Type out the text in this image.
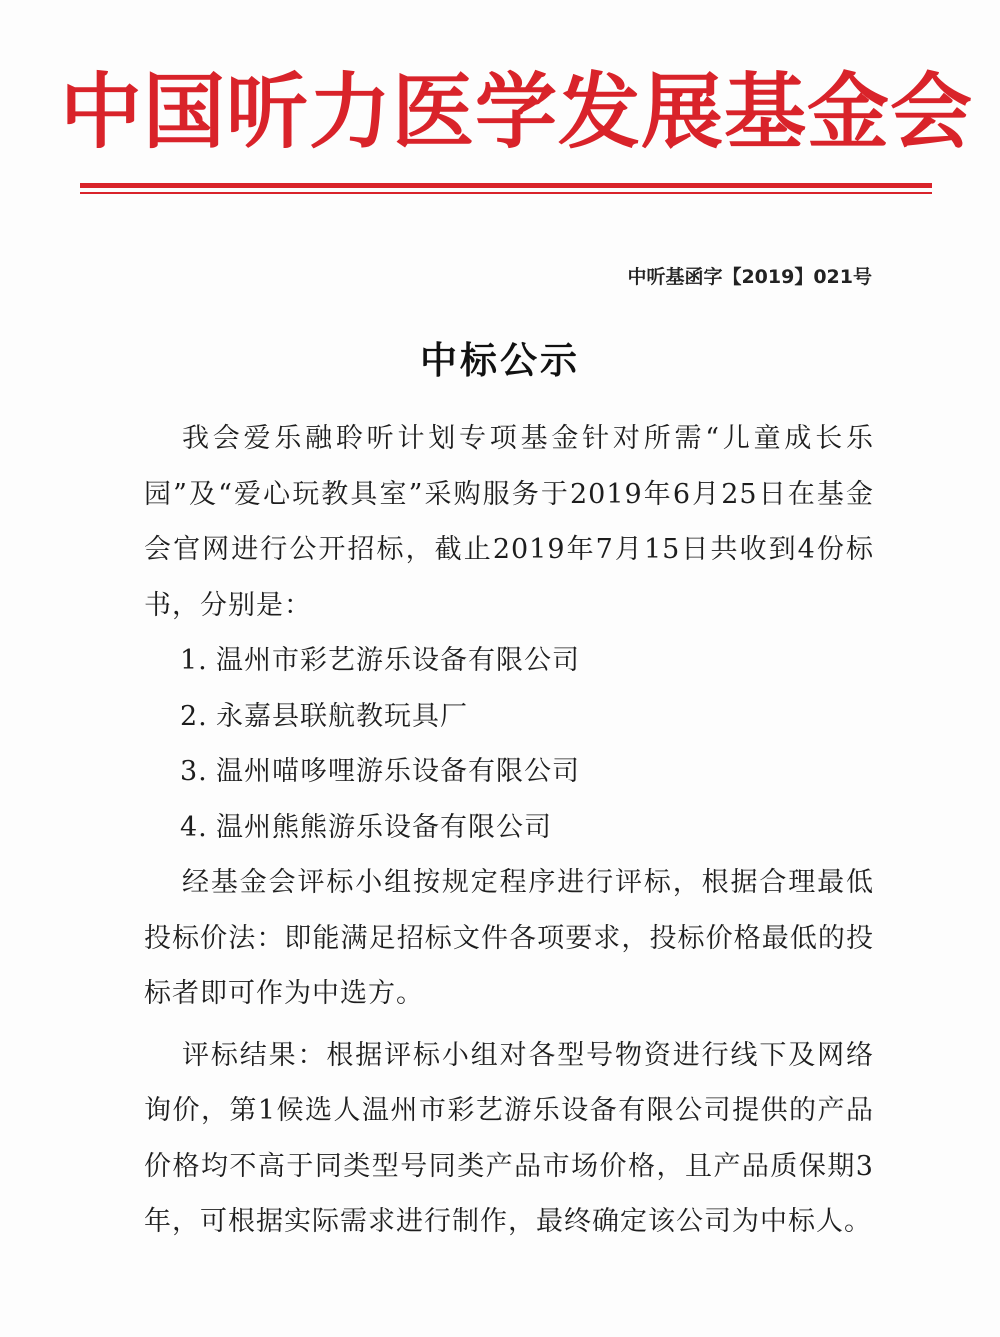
中国听力医学发展基金会
中听基函字【2019】021号
中标公示

我会爱乐融聆听计划专项基金针对所需“儿童成长乐园”及“爱心玩教具室”采购服务于2019年6月25日在基金会官网进行公开招标，截止2019年7月15日共收到4份标书，分别是：

1. 温州市彩艺游乐设备有限公司
2. 永嘉县联航教玩具厂
3. 温州喵哆哩游乐设备有限公司
4. 温州熊熊游乐设备有限公司

经基金会评标小组按规定程序进行评标，根据合理最低投标价法：即能满足招标文件各项要求，投标价格最低的投标者即可作为中选方。

评标结果：根据评标小组对各型号物资进行线下及网络询价，第1候选人温州市彩艺游乐设备有限公司提供的产品价格均不高于同类型号同类产品市场价格，且产品质保期3年，可根据实际需求进行制作，最终确定该公司为中标人。
